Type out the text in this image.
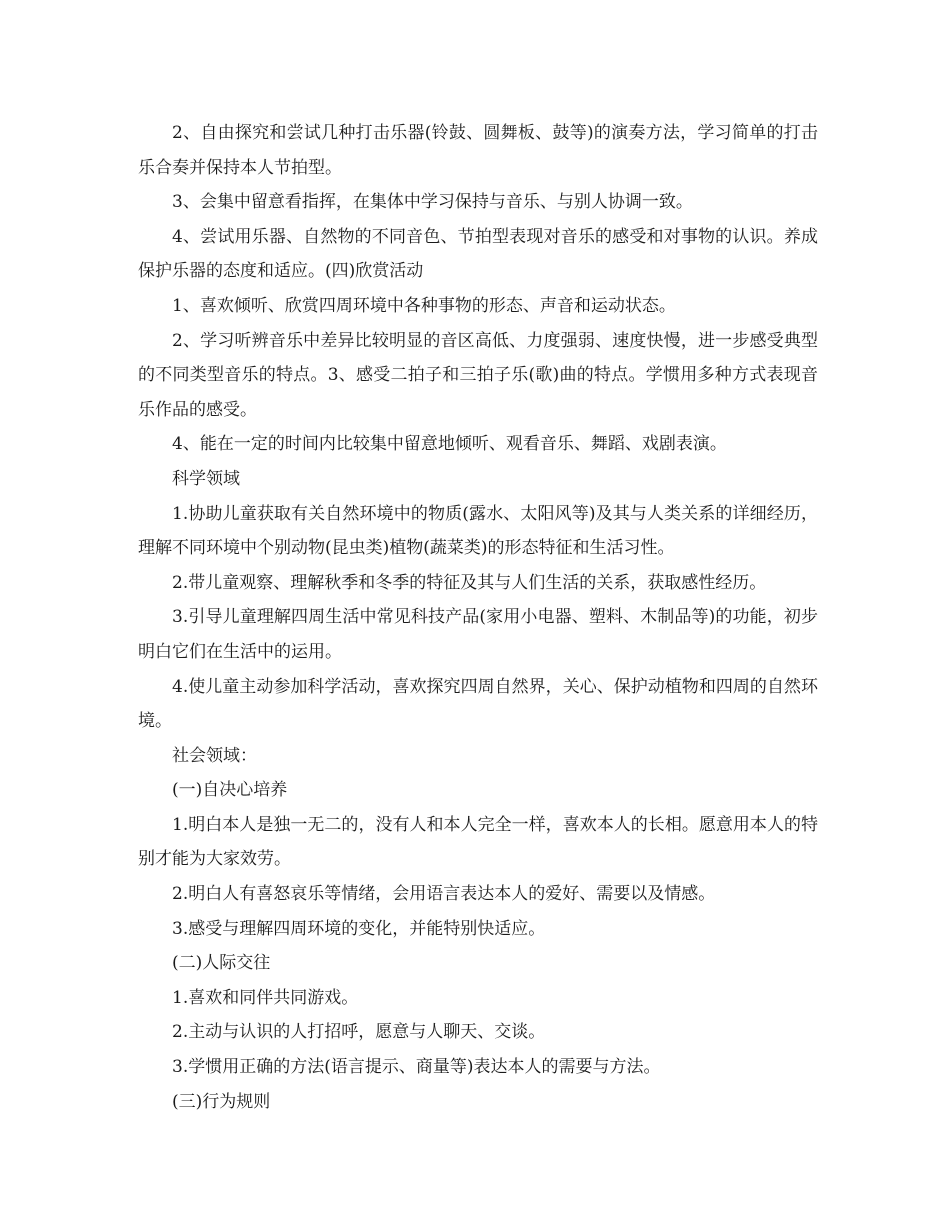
2、自由探究和尝试几种打击乐器(铃鼓、圆舞板、鼓等)的演奏方法，学习简单的打击乐合奏并保持本人节拍型。

3、会集中留意看指挥，在集体中学习保持与音乐、与别人协调一致。

4、尝试用乐器、自然物的不同音色、节拍型表现对音乐的感受和对事物的认识。养成保护乐器的态度和适应。(四)欣赏活动

1、喜欢倾听、欣赏四周环境中各种事物的形态、声音和运动状态。

2、学习听辨音乐中差异比较明显的音区高低、力度强弱、速度快慢，进一步感受典型的不同类型音乐的特点。3、感受二拍子和三拍子乐(歌)曲的特点。学惯用多种方式表现音乐作品的感受。

4、能在一定的时间内比较集中留意地倾听、观看音乐、舞蹈、戏剧表演。

科学领域

1.协助儿童获取有关自然环境中的物质(露水、太阳风等)及其与人类关系的详细经历，理解不同环境中个别动物(昆虫类)植物(蔬菜类)的形态特征和生活习性。

2.带儿童观察、理解秋季和冬季的特征及其与人们生活的关系，获取感性经历。

3.引导儿童理解四周生活中常见科技产品(家用小电器、塑料、木制品等)的功能，初步明白它们在生活中的运用。

4.使儿童主动参加科学活动，喜欢探究四周自然界，关心、保护动植物和四周的自然环境。

社会领域：

(一)自决心培养

1.明白本人是独一无二的，没有人和本人完全一样，喜欢本人的长相。愿意用本人的特别才能为大家效劳。

2.明白人有喜怒哀乐等情绪，会用语言表达本人的爱好、需要以及情感。

3.感受与理解四周环境的变化，并能特别快适应。

(二)人际交往

1.喜欢和同伴共同游戏。

2.主动与认识的人打招呼，愿意与人聊天、交谈。

3.学惯用正确的方法(语言提示、商量等)表达本人的需要与方法。

(三)行为规则
